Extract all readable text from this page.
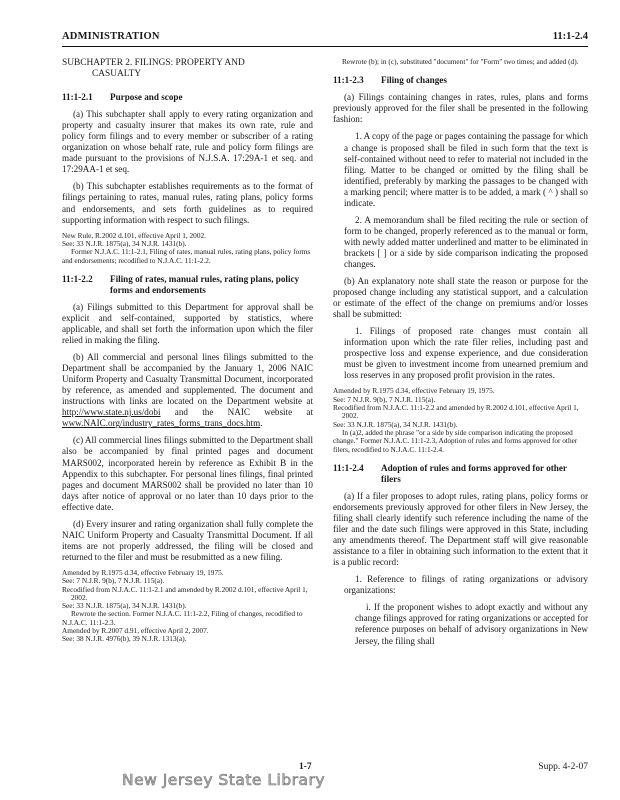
ADMINISTRATION	11:1-2.4
SUBCHAPTER 2. FILINGS: PROPERTY AND
CASUALTY
11:1-2.1	Purpose and scope

(a) This subchapter shall apply to every rating organization and property and casualty insurer that makes its own rate, rule and policy form filings and to every member or subscriber of a rating organization on whose behalf rate, rule and policy form filings are made pursuant to the provisions of N.J.S.A. 17:29A-1 et seq. and 17:29AA-1 et seq.

(b) This subchapter establishes requirements as to the format of filings pertaining to rates, manual rules, rating plans, policy forms and endorsements, and sets forth guidelines as to required supporting information with respect to such filings.

New Rule, R.2002 d.101, effective April 1, 2002.

See: 33 N.J.R. 1875(a), 34 N.J.R. 1431(b).

Former N.J.A.C. 11:1-2.1, Filing of rates, manual rules, rating plans, policy forms and endorsements; recodified to N.J.A.C. 11:1-2.2.

11:1-2.2	Filing of rates, manual rules, rating plans, policy forms and endorsements

(a) Filings submitted to this Department for approval shall be explicit and self-contained, supported by statistics, where applicable, and shall set forth the information upon which the filer relied in making the filing.

(b) All commercial and personal lines filings submitted to the Department shall be accompanied by the January 1, 2006 NAIC Uniform Property and Casualty Transmittal Document, incorporated by reference, as amended and supplemented. The document and instructions with links are located on the Department website at http://www.state.nj.us/dobi and the NAIC website at www.NAIC.org/industry_rates_forms_trans_docs.htm.

(c) All commercial lines filings submitted to the Department shall also be accompanied by final printed pages and document MARS002, incorporated herein by reference as Exhibit B in the Appendix to this subchapter. For personal lines filings, final printed pages and document MARS002 shall be provided no later than 10 days after notice of approval or no later than 10 days prior to the effective date.

(d) Every insurer and rating organization shall fully complete the NAIC Uniform Property and Casualty Transmittal Document. If all items are not properly addressed, the filing will be closed and returned to the filer and must be resubmitted as a new filing.

Amended by R.1975 d.34, effective February 19, 1975.

See: 7 N.J.R. 9(b), 7 N.J.R. 115(a).

Recodified from N.J.A.C. 11:1-2.1 and amended by R.2002 d.101, effective April 1, 2002.

See: 33 N.J.R. 1875(a), 34 N.J.R. 1431(b).

Rewrote the section. Former N.J.A.C. 11:1-2.2, Filing of changes, recodified to N.J.A.C. 11:1-2.3.

Amended by R.2007 d.91, effective April 2, 2007.

See: 38 N.J.R. 4976(b), 39 N.J.R. 1313(a).

Rewrote (b); in (c), substituted "document" for "Form" two times; and added (d).

11:1-2.3	Filing of changes

(a) Filings containing changes in rates, rules, plans and forms previously approved for the filer shall be presented in the following fashion:

1. A copy of the page or pages containing the passage for which a change is proposed shall be filed in such form that the text is self-contained without need to refer to material not included in the filing. Matter to be changed or omitted by the filing shall be identified, preferably by marking the passages to be changed with a marking pencil; where matter is to be added, a mark ( ^ ) shall so indicate.

2. A memorandum shall be filed reciting the rule or section of form to be changed, properly referenced as to the manual or form, with newly added matter underlined and matter to be eliminated in brackets [ ] or a side by side comparison indicating the proposed changes.

(b) An explanatory note shall state the reason or purpose for the proposed change including any statistical support, and a calculation or estimate of the effect of the change on premiums and/or losses shall be submitted:

1. Filings of proposed rate changes must contain all information upon which the rate filer relies, including past and prospective loss and expense experience, and due consideration must be given to investment income from unearned premium and loss reserves in any proposed profit provision in the rates.

Amended by R.1975 d.34, effective February 19, 1975.

See: 7 N.J.R. 9(b), 7 N.J.R. 115(a).

Recodified from N.J.A.C. 11:1-2.2 and amended by R.2002 d.101, effective April 1, 2002.

See: 33 N.J.R. 1875(a), 34 N.J.R. 1431(b).

In (a)2, added the phrase "or a side by side comparison indicating the proposed change." Former N.J.A.C. 11:1-2.3, Adoption of rules and forms approved for other filers, recodified to N.J.A.C. 11:1-2.4.

11:1-2.4	Adoption of rules and forms approved for other filers

(a) If a filer proposes to adopt rules, rating plans, policy forms or endorsements previously approved for other filers in New Jersey, the filing shall clearly identify such reference including the name of the filer and the date such filings were approved in this State, including any amendments thereof. The Department staff will give reasonable assistance to a filer in obtaining such information to the extent that it is a public record:

1. Reference to filings of rating organizations or advisory organizations:

i. If the proponent wishes to adopt exactly and without any change filings approved for rating organizations or accepted for reference purposes on behalf of advisory organizations in New Jersey, the filing shall

1-7	Supp. 4-2-07
New Jersey State Library
